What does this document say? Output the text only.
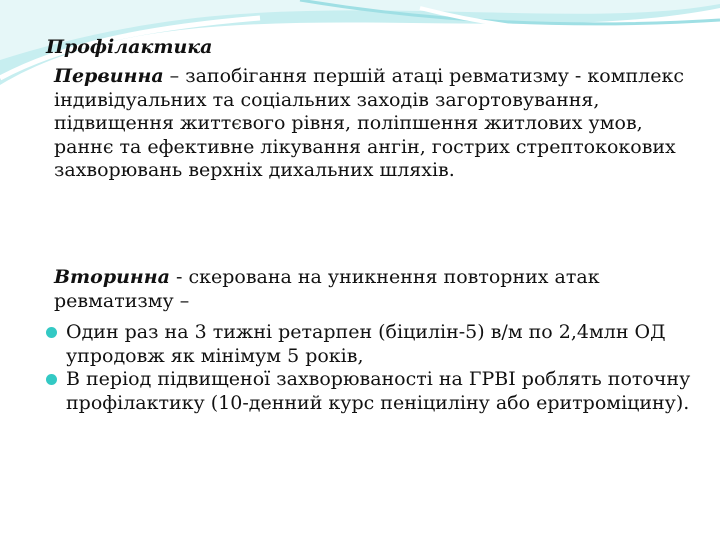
Профілактика
Первинна – запобігання першій атаці ревматизму - комплекс індивідуальних та соціальних заходів загортовування, підвищення життєвого рівня, поліпшення житлових умов, раннє та ефективне лікування ангін, гострих стрептококових захворювань верхніх дихальних шляхів.
Вторинна - скерована на уникнення повторних атак ревматизму –
Один раз на 3 тижні ретарпен (біцилін-5) в/м по 2,4млн ОД упродовж як мінімум 5 років,
В період підвищеної захворюваності на ГРВІ роблять поточну профілактику (10-денний курс пеніциліну або еритроміцину).
